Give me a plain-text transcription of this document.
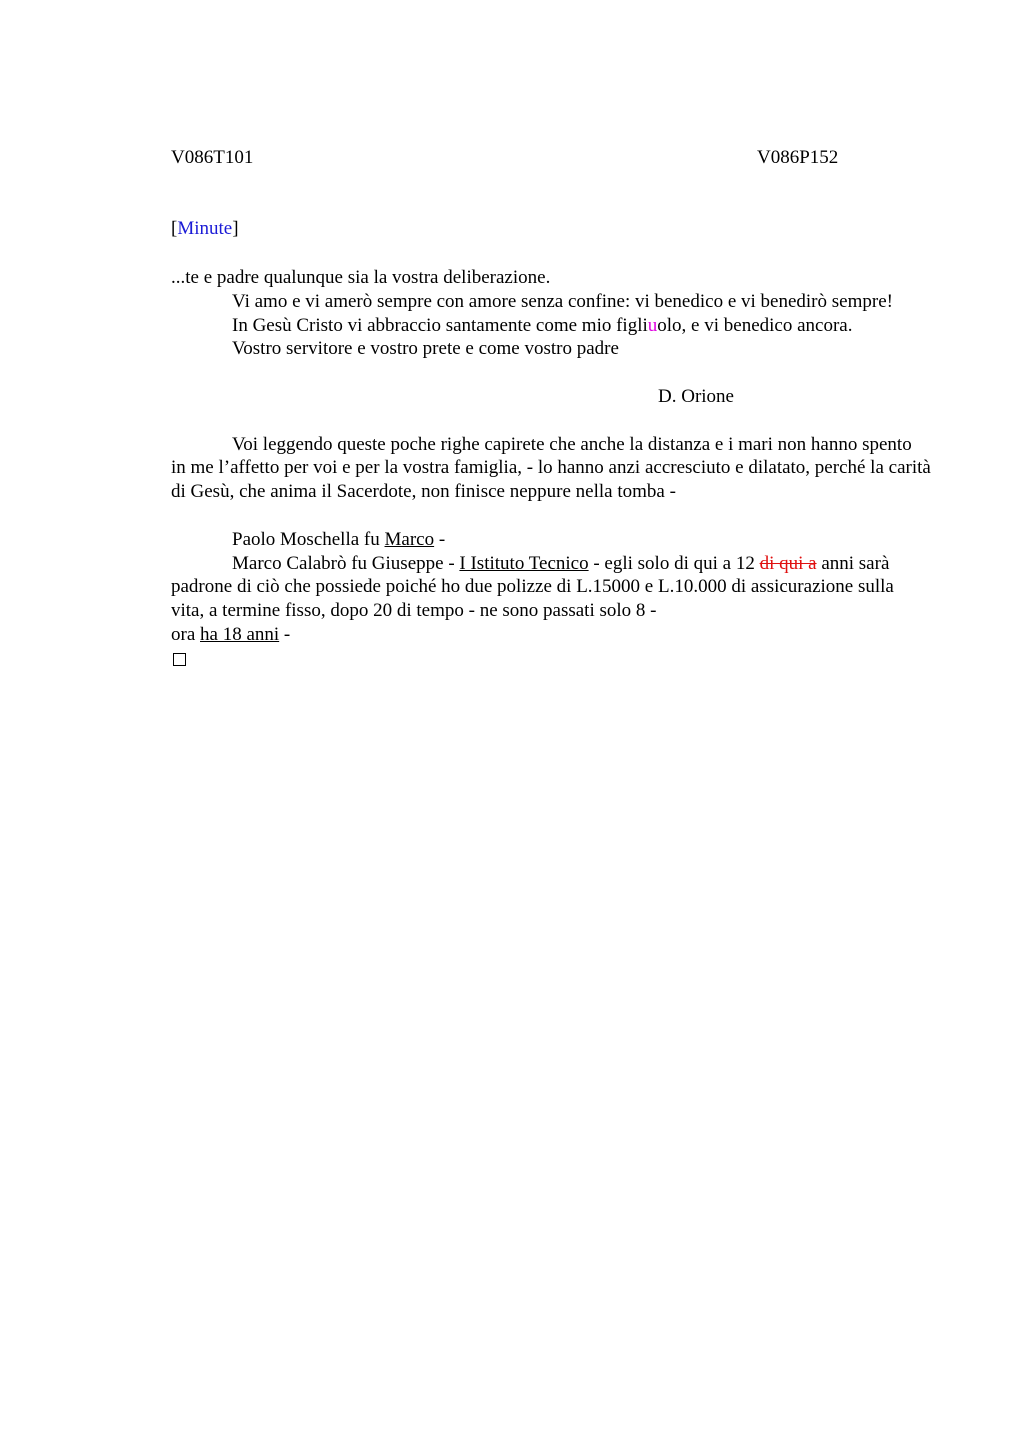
V086T101	V086P152
[Minute]

...te e padre qualunque sia la vostra deliberazione.

Vi amo e vi amerò sempre con amore senza confine: vi benedico e vi benedirò sempre!

In Gesù Cristo vi abbraccio santamente come mio figliuolo, e vi benedico ancora.

Vostro servitore e vostro prete e come vostro padre

D. Orione

Voi leggendo queste poche righe capirete che anche la distanza e i mari non hanno spento in me l’affetto per voi e per la vostra famiglia, - lo hanno anzi accresciuto e dilatato, perché la carità di Gesù, che anima il Sacerdote, non finisce neppure nella tomba -

Paolo Moschella fu Marco -

Marco Calabrò fu Giuseppe - I Istituto Tecnico - egli solo di qui a 12 di qui a anni sarà padrone di ciò che possiede poiché ho due polizze di L.15000 e L.10.000 di assicurazione sulla vita, a termine fisso, dopo 20 di tempo - ne sono passati solo 8 -

ora ha 18 anni -
